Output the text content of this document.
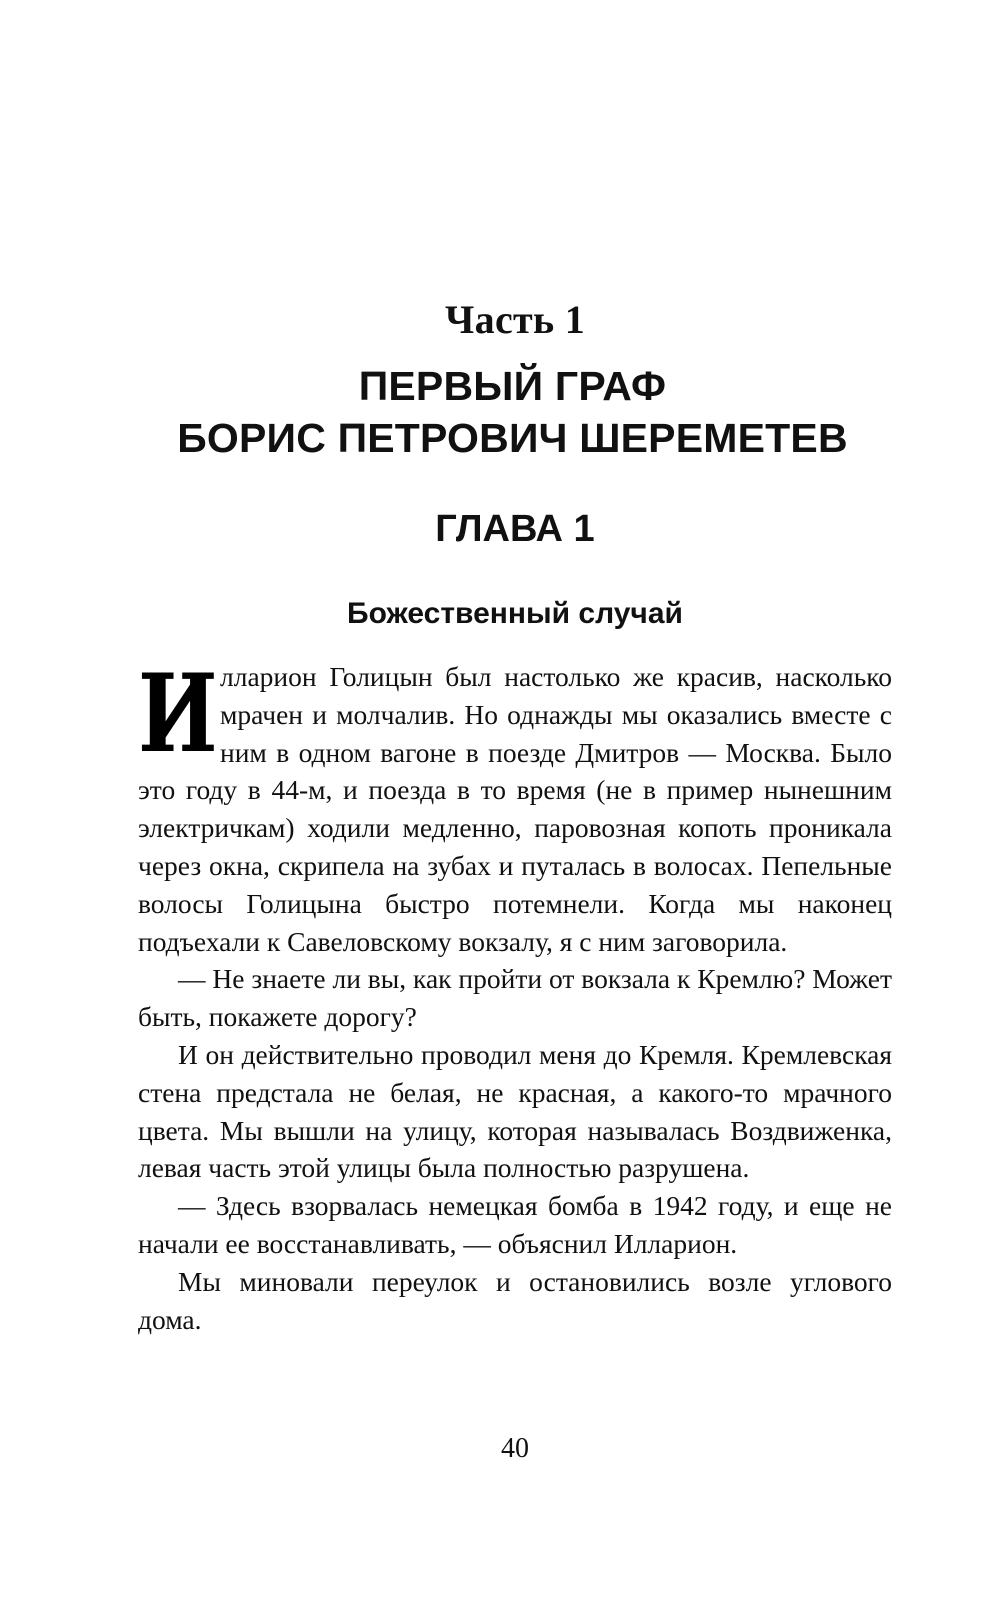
Часть 1
ПЕРВЫЙ ГРАФ
БОРИС ПЕТРОВИЧ ШЕРЕМЕТЕВ
ГЛАВА 1
Божественный случай

Илларион Голицын был настолько же красив, насколько мрачен и молчалив. Но однажды мы оказались вместе с ним в одном вагоне в поезде Дмитров — Москва. Было это году в 44-м, и поезда в то время (не в пример нынешним электричкам) ходили медленно, паровозная копоть проникала через окна, скрипела на зубах и путалась в волосах. Пепельные волосы Голицына быстро потемнели. Когда мы наконец подъехали к Савеловскому вокзалу, я с ним заговорила.

— Не знаете ли вы, как пройти от вокзала к Кремлю? Может быть, покажете дорогу?

И он действительно проводил меня до Кремля. Кремлевская стена предстала не белая, не красная, а какого-то мрачного цвета. Мы вышли на улицу, которая называлась Воздвиженка, левая часть этой улицы была полностью разрушена.

— Здесь взорвалась немецкая бомба в 1942 году, и еще не начали ее восстанавливать, — объяснил Илларион.

Мы миновали переулок и остановились возле углового дома.

40
